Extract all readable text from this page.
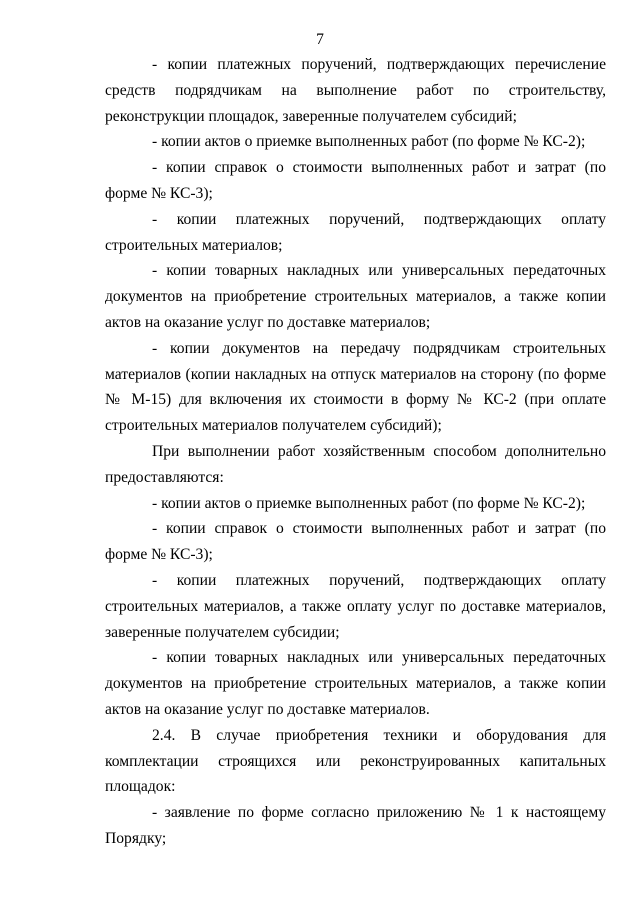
7

- копии платежных поручений, подтверждающих перечисление средств подрядчикам на выполнение работ по строительству, реконструкции площадок, заверенные получателем субсидий;

- копии актов о приемке выполненных работ (по форме № КС-2);

- копии справок о стоимости выполненных работ и затрат (по форме № КС-3);

- копии платежных поручений, подтверждающих оплату строительных материалов;

- копии товарных накладных или универсальных передаточных документов на приобретение строительных материалов, а также копии актов на оказание услуг по доставке материалов;

- копии документов на передачу подрядчикам строительных материалов (копии накладных на отпуск материалов на сторону (по форме № М-15) для включения их стоимости в форму № КС-2 (при оплате строительных материалов получателем субсидий);

При выполнении работ хозяйственным способом дополнительно предоставляются:

- копии актов о приемке выполненных работ (по форме № КС-2);

- копии справок о стоимости выполненных работ и затрат (по форме № КС-3);

- копии платежных поручений, подтверждающих оплату строительных материалов, а также оплату услуг по доставке материалов, заверенные получателем субсидии;

- копии товарных накладных или универсальных передаточных документов на приобретение строительных материалов, а также копии актов на оказание услуг по доставке материалов.

2.4. В случае приобретения техники и оборудования для комплектации строящихся или реконструированных капитальных площадок:

- заявление по форме согласно приложению № 1 к настоящему Порядку;
